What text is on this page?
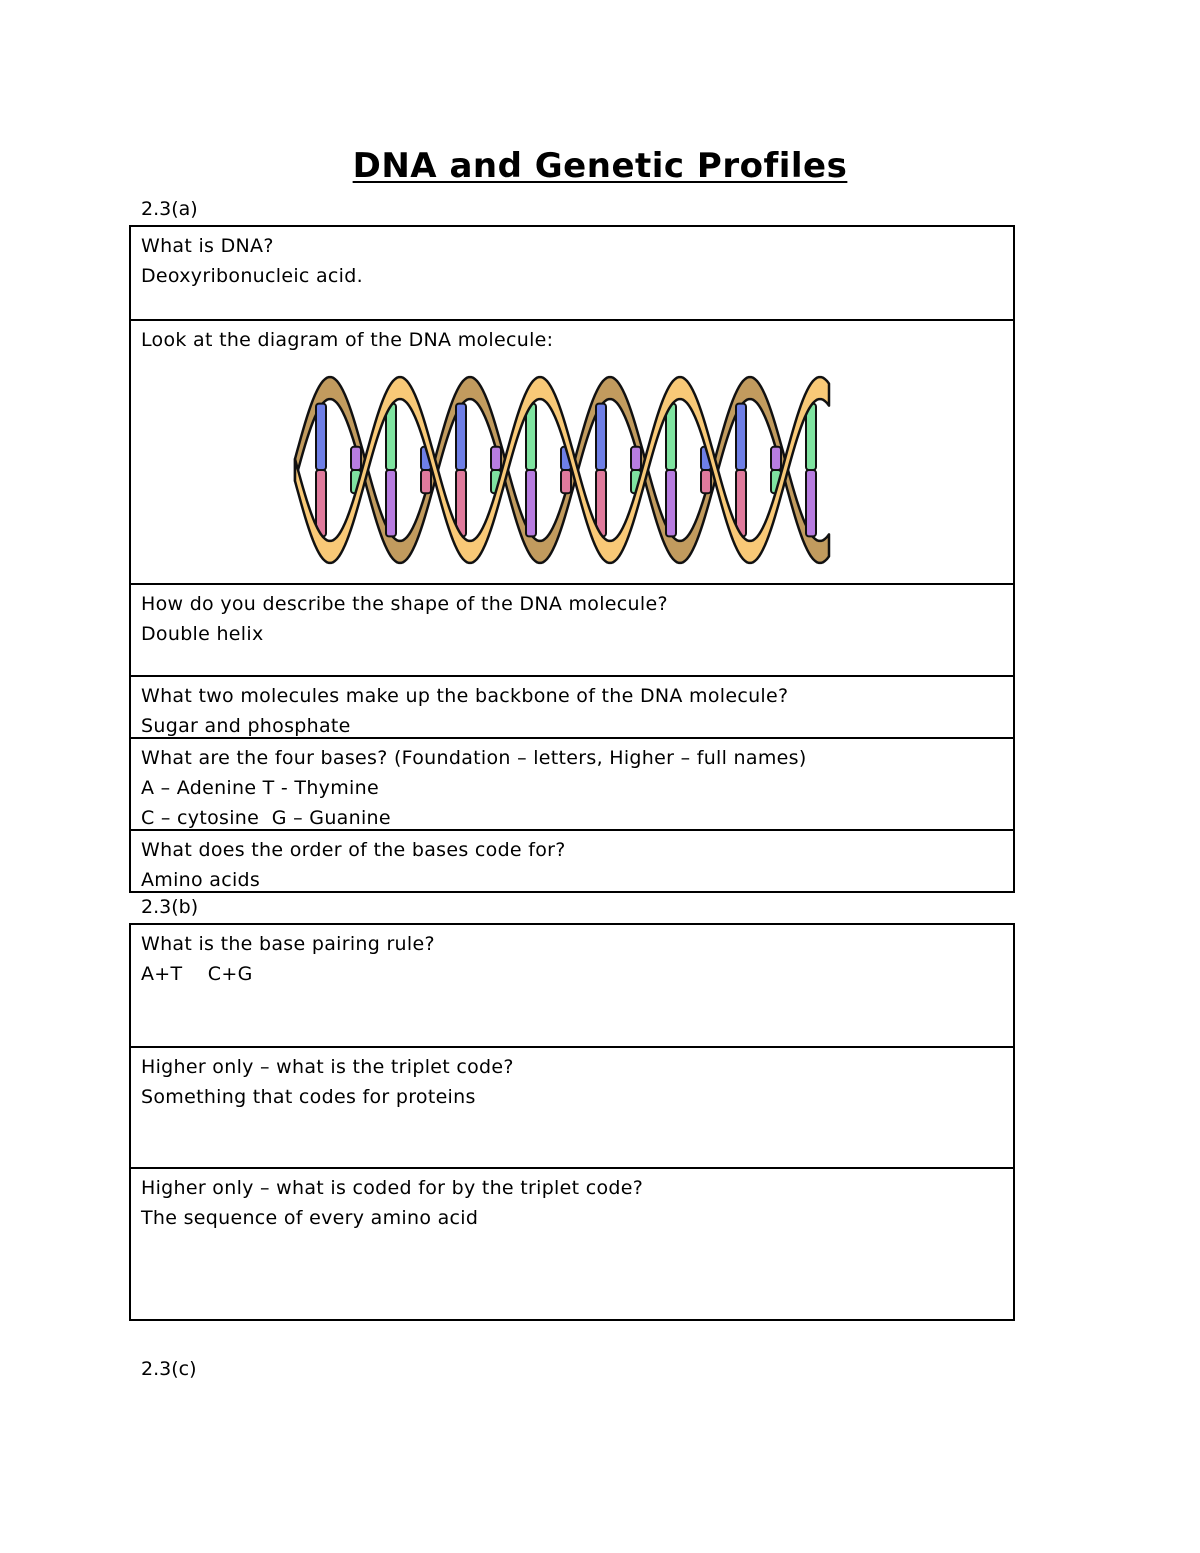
DNA and Genetic Profiles
2.3(a)
What is DNA?
Deoxyribonucleic acid.
Look at the diagram of the DNA molecule:
How do you describe the shape of the DNA molecule?
Double helix
What two molecules make up the backbone of the DNA molecule?
Sugar and phosphate
What are the four bases? (Foundation – letters, Higher – full names)
A – Adenine T - Thymine
C – cytosine  G – Guanine
What does the order of the bases code for?
Amino acids
2.3(b)
What is the base pairing rule?
A+T    C+G
Higher only – what is the triplet code?
Something that codes for proteins
Higher only – what is coded for by the triplet code?
The sequence of every amino acid
2.3(c)
